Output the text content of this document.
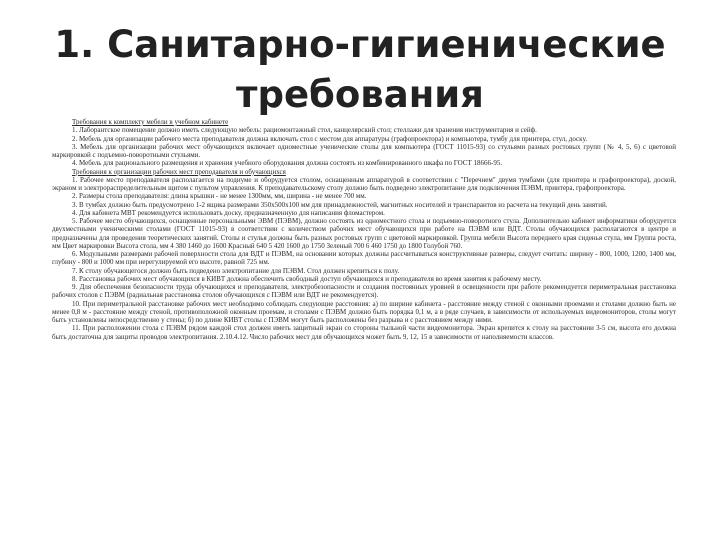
1. Санитарно-гигиенические
требования

Требования к комплекту мебели в учебном кабинете

1. Лаборантское помещение должно иметь следующую мебель: рациомонтажный стол, канцелярский стол; стеллажи для хранения инструментария и сейф.

2. Мебель для организации рабочего места преподавателя должна включать стол с местом для аппаратуры (графопроектора) и компьютера, тумбу для принтера, стул, доску.

3. Мебель для организации рабочих мест обучающихся включает одноместные ученические столы для компьютера (ГОСТ 11015-93) со стульями разных ростовых групп (№ 4, 5, 6) с цветовой маркировкой с подъемно-поворотными стульями.

4. Мебель для рационального размещения и хранения учебного оборудования должна состоять из комбинированного шкафа по ГОСТ 18666-95.

Требования к организации рабочих мест преподавателя и обучающихся

1. Рабочее место преподавателя располагается на подиуме и оборудуется столом, оснащенным аппаратурой в соответствии с "Перечнем" двумя тумбами (для принтера и графопроектора), доской, экраном и электрораспределительным щитом с пультом управления. К преподавательскому столу должно быть подведено электропитание для подключения ПЭВМ, принтера, графопроектора.

2. Размеры стола преподавателя: длина крышки - не менее 1300мм, мм, ширина - не менее 700 мм.

3. В тумбах должно быть предусмотрено 1-2 ящика размерами 350х500х100 мм для принадлежностей, магнитных носителей и транспарантов из расчета на текущий день занятий.

4. Для кабинета МВТ рекомендуется использовать доску, предназначенную для написания фломастером.

5. Рабочее место обучающихся, оснащенные персональными ЭВМ (ПЭВМ), должно состоять из одноместного стола и подъемно-поворотного стула. Дополнительно кабинет информатики оборудуется двухместными ученическими столами (ГОСТ 11015-93) в соответствии с количеством рабочих мест обучающихся при работе на ПЭВМ или ВДТ. Столы обучающихся располагаются в центре и предназначены для проведения теоретических занятий. Столы и стулья должны быть разных ростовых групп с цветовой маркировкой. Группа мебели Высота переднего края сиденья стула, мм Группа роста, мм Цвет маркировки Высота стола, мм 4 380 1460 до 1600 Красный 640 5 420 1600 до 1750 Зеленый 700 6 460 1750 до 1800 Голубой 760.

6. Модульными размерами рабочей поверхности стола для ВДТ и ПЭВМ, на основании которых должны рассчитываться конструктивные размеры, следует считать: ширину - 800, 1000, 1200, 1400 мм, глубину - 800 и 1000 мм при нерегулируемой его высоте, равной 725 мм.

7. К столу обучающегося должно быть подведено электропитание для ПЭВМ. Стол должен крепиться к полу.

8. Расстановка рабочих мест обучающихся в КИВТ должна обеспечить свободный доступ обучающихся и преподавателя во время занятия к рабочему месту.

9. Для обеспечения безопасности труда обучающихся и преподавателя, электробезопасности и создания постоянных уровней в освещенности при работе рекомендуется периметральная расстановка рабочих столов с ПЭВМ (радиальная расстановка столов обучающихся с ПЭВМ или ВДТ не рекомендуется).

10. При периметральной расстановке рабочих мест необходимо соблюдать следующие расстояния: а) по ширине кабинета - расстояние между стеной с оконными проемами и столами должно быть не менее 0,8 м - расстояние между стеной, противоположной оконным проемам, и столами с ПЭВМ должно быть порядка 0,1 м, а в ряде случаев, в зависимости от используемых видеомониторов, столы могут быть установлены непосредственно у стены; б) по длине КИВТ столы с ПЭВМ могут быть расположены без разрыва и с расстоянием между ними.

11. При расположении стола с ПЭВМ рядом каждой стол должен иметь защитный экран со стороны тыльной части видеомонитора. Экран крепится к столу на расстоянии 3-5 см, высота его должна быть достаточна для защиты проводов электропитания. 2.10.4.12. Число рабочих мест для обучающихся может быть 9, 12, 15 в зависимости от наполняемости классов.
